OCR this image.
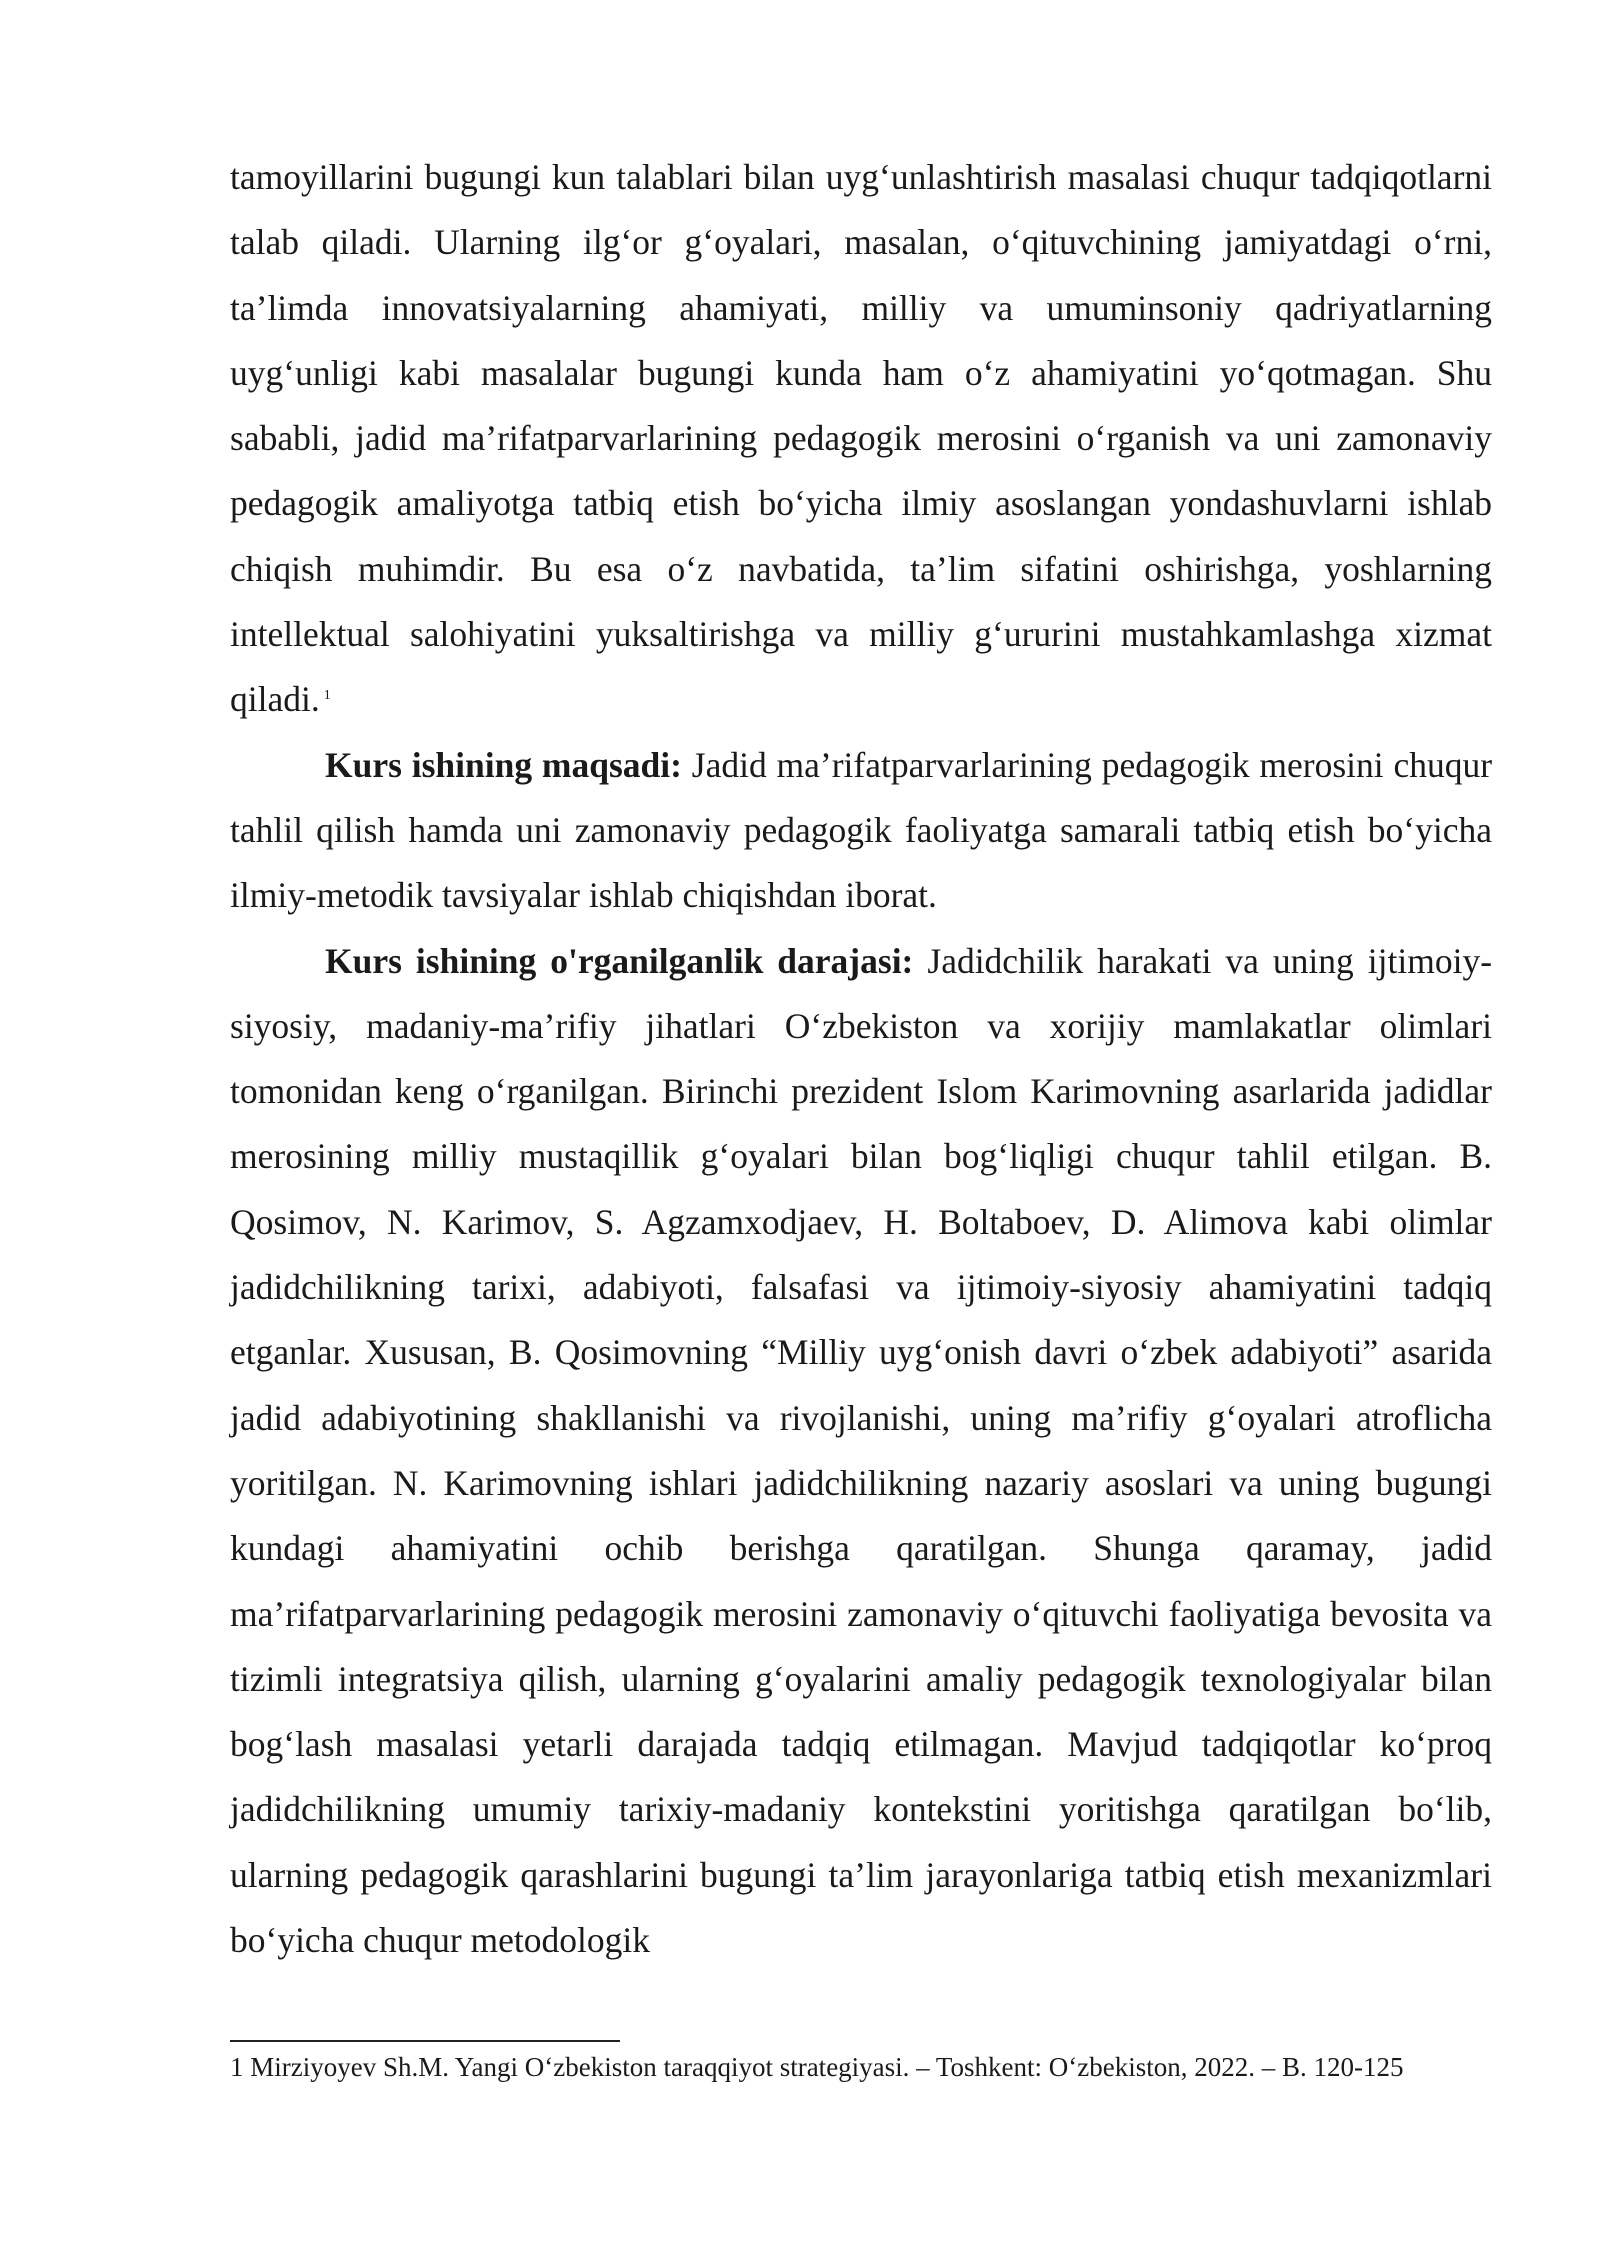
tamoyillarini bugungi kun talablari bilan uyg‘unlashtirish masalasi chuqur tadqiqotlarni talab qiladi. Ularning ilg‘or g‘oyalari, masalan, o‘qituvchining jamiyatdagi o‘rni, ta’limda innovatsiyalarning ahamiyati, milliy va umuminsoniy qadriyatlarning uyg‘unligi kabi masalalar bugungi kunda ham o‘z ahamiyatini yo‘qotmagan. Shu sababli, jadid ma’rifatparvarlarining pedagogik merosini o‘rganish va uni zamonaviy pedagogik amaliyotga tatbiq etish bo‘yicha ilmiy asoslangan yondashuvlarni ishlab chiqish muhimdir. Bu esa o‘z navbatida, ta’lim sifatini oshirishga, yoshlarning intellektual salohiyatini yuksaltirishga va milliy g‘ururini mustahkamlashga xizmat qiladi. $^1$

Kurs ishining maqsadi: Jadid ma’rifatparvarlarining pedagogik merosini chuqur tahlil qilish hamda uni zamonaviy pedagogik faoliyatga samarali tatbiq etish bo‘yicha ilmiy-metodik tavsiyalar ishlab chiqishdan iborat.

Kurs ishining o'rganilganlik darajasi: Jadidchilik harakati va uning ijtimoiy-siyosiy, madaniy-ma’rifiy jihatlari O‘zbekiston va xorijiy mamlakatlar olimlari tomonidan keng o‘rganilgan. Birinchi prezident Islom Karimovning asarlarida jadidlar merosining milliy mustaqillik g‘oyalari bilan bog‘liqligi chuqur tahlil etilgan. B. Qosimov, N. Karimov, S. Agzamxodjaev, H. Boltaboev, D. Alimova kabi olimlar jadidchilikning tarixi, adabiyoti, falsafasi va ijtimoiy-siyosiy ahamiyatini tadqiq etganlar. Xususan, B. Qosimovning “Milliy uyg‘onish davri o‘zbek adabiyoti” asarida jadid adabiyotining shakllanishi va rivojlanishi, uning ma’rifiy g‘oyalari atroflicha yoritilgan. N. Karimovning ishlari jadidchilikning nazariy asoslari va uning bugungi kundagi ahamiyatini ochib berishga qaratilgan. Shunga qaramay, jadid ma’rifatparvarlarining pedagogik merosini zamonaviy o‘qituvchi faoliyatiga bevosita va tizimli integratsiya qilish, ularning g‘oyalarini amaliy pedagogik texnologiyalar bilan bog‘lash masalasi yetarli darajada tadqiq etilmagan. Mavjud tadqiqotlar ko‘proq jadidchilikning umumiy tarixiy-madaniy kontekstini yoritishga qaratilgan bo‘lib, ularning pedagogik qarashlarini bugungi ta’lim jarayonlariga tatbiq etish mexanizmlari bo‘yicha chuqur metodologik

1 Mirziyoyev Sh.M. Yangi O‘zbekiston taraqqiyot strategiyasi. – Toshkent: O‘zbekiston, 2022. – B. 120-125
